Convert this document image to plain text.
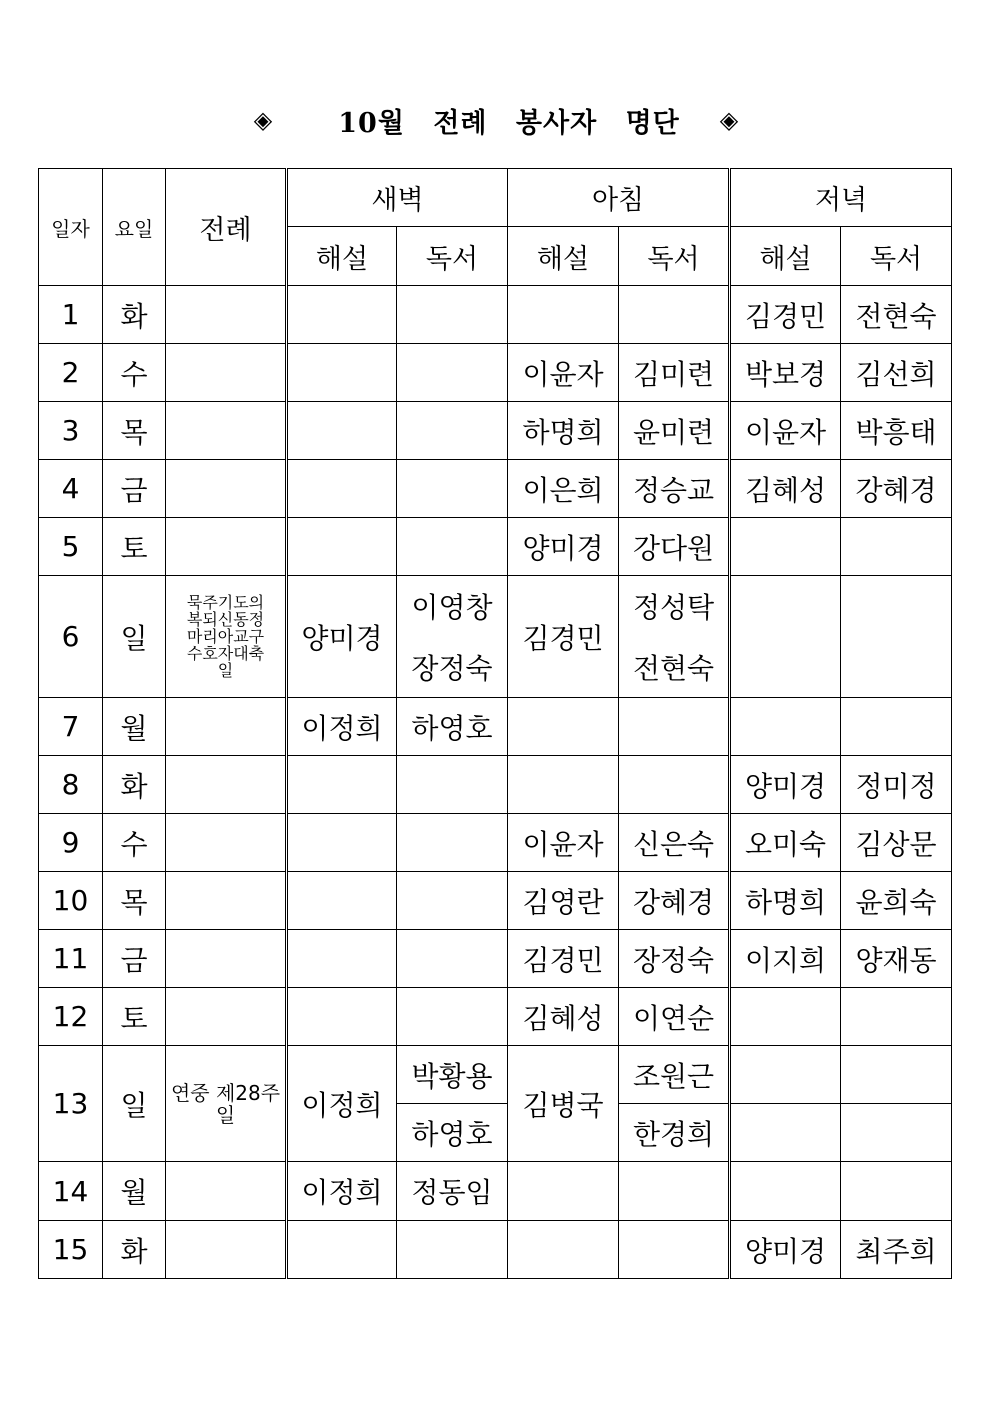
◈ 10월 전례 봉사자 명단 ◈
일자	요일	전례	새벽		아침		저녁	
			해설	독서	해설	독서	해설	독서
1	화						김경민	전현숙
2	수				이윤자	김미련	박보경	김선희
3	목				하명희	윤미련	이윤자	박흥태
4	금				이은희	정승교	김혜성	강혜경
5	토				양미경	강다원		
6	일	묵주기도의 복되신동정 마리아교구 수호자대축일	양미경	이영창	김경민	정성탁		
				장정숙		전현숙		
7	월		이정희	하영호				
8	화						양미경	정미정
9	수				이윤자	신은숙	오미숙	김상문
10	목				김영란	강혜경	하명희	윤희숙
11	금				김경민	장정숙	이지희	양재동
12	토				김혜성	이연순		
13	일	연중 제28주일	이정희	박황용	김병국	조원근		
				하영호		한경희		
14	월		이정희	정동임				
15	화						양미경	최주희
